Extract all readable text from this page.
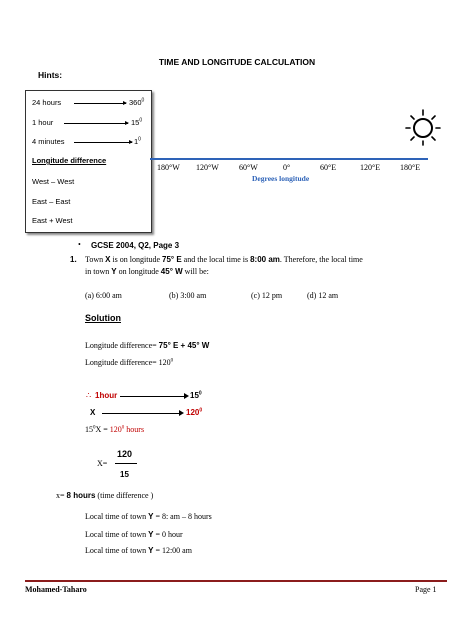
TIME AND LONGITUDE CALCULATION
Hints:
24 hours	$360^0$
1 hour	$15^0$
4 minutes	$1^0$
Longitude difference
West – West
East – East
East + West
180°W 120°W	60°W	0°	60°E	120°E 180°E
Degrees longitude
• GCSE 2004, Q2, Page 3
1. Town X is on longitude 75° E and the local time is 8:00 am. Therefore, the local time
in town Y on longitude 45° W will be:
(a) 6:00 am	(b) 3:00 am	(c) 12 pm	(d) 12 am
Solution
Longitude difference= 75° E + 45° W
Longitude difference= $120^0$
∴ 1hour	$15^0$
X	$120^0$
$15^0X = 120^0$ hours
X=
120
15
x= 8 hours (time difference )
Local time of town Y = 8: am – 8 hours
Local time of town Y = 0 hour
Local time of town Y = 12:00 am
Mohamed-Taharo	Page 1
